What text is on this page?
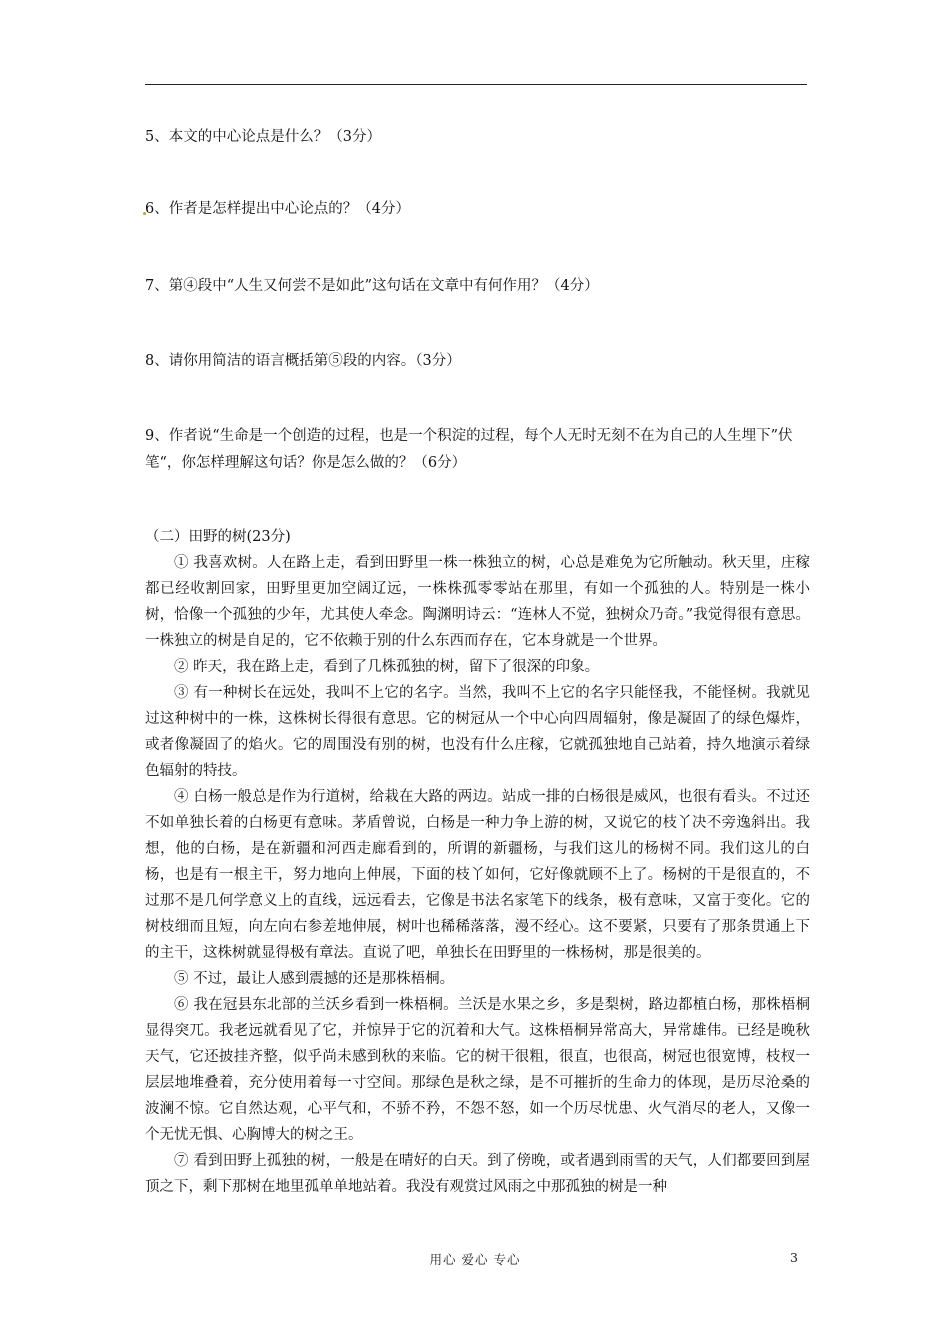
5、本文的中心论点是什么？（3分）

6、作者是怎样提出中心论点的？（4分）

7、第④段中“人生又何尝不是如此”这句话在文章中有何作用？（4分）

8、请你用简洁的语言概括第⑤段的内容。（3分）

9、作者说“生命是一个创造的过程，也是一个积淀的过程，每个人无时无刻不在为自己的人生埋下”伏笔“，你怎样理解这句话？你是怎么做的？（6分）

（二）田野的树(23分)

① 我喜欢树。人在路上走，看到田野里一株一株独立的树，心总是难免为它所触动。秋天里，庄稼都已经收割回家，田野里更加空阔辽远，一株株孤零零站在那里，有如一个孤独的人。特别是一株小树，恰像一个孤独的少年，尤其使人牵念。陶渊明诗云：“连林人不觉，独树众乃奇。”我觉得很有意思。一株独立的树是自足的，它不依赖于别的什么东西而存在，它本身就是一个世界。

② 昨天，我在路上走，看到了几株孤独的树，留下了很深的印象。

③ 有一种树长在远处，我叫不上它的名字。当然，我叫不上它的名字只能怪我，不能怪树。我就见过这种树中的一株，这株树长得很有意思。它的树冠从一个中心向四周辐射，像是凝固了的绿色爆炸，或者像凝固了的焰火。它的周围没有别的树，也没有什么庄稼，它就孤独地自己站着，持久地演示着绿色辐射的特技。

④ 白杨一般总是作为行道树，给栽在大路的两边。站成一排的白杨很是威风，也很有看头。不过还不如单独长着的白杨更有意味。茅盾曾说，白杨是一种力争上游的树，又说它的枝丫决不旁逸斜出。我想，他的白杨，是在新疆和河西走廊看到的，所谓的新疆杨，与我们这儿的杨树不同。我们这儿的白杨，也是有一根主干，努力地向上伸展，下面的枝丫如何，它好像就顾不上了。杨树的干是很直的，不过那不是几何学意义上的直线，远远看去，它像是书法名家笔下的线条，极有意味，又富于变化。它的树枝细而且短，向左向右参差地伸展，树叶也稀稀落落，漫不经心。这不要紧，只要有了那条贯通上下的主干，这株树就显得极有章法。直说了吧，单独长在田野里的一株杨树，那是很美的。

⑤ 不过，最让人感到震撼的还是那株梧桐。

⑥ 我在冠县东北部的兰沃乡看到一株梧桐。兰沃是水果之乡，多是梨树，路边都植白杨，那株梧桐显得突兀。我老远就看见了它，并惊异于它的沉着和大气。这株梧桐异常高大，异常雄伟。已经是晚秋天气，它还披挂齐整，似乎尚未感到秋的来临。它的树干很粗，很直，也很高，树冠也很宽博，枝杈一层层地堆叠着，充分使用着每一寸空间。那绿色是秋之绿，是不可摧折的生命力的体现，是历尽沧桑的波澜不惊。它自然达观，心平气和，不骄不矜，不怨不怒，如一个历尽忧患、火气消尽的老人，又像一个无忧无惧、心胸博大的树之王。

⑦ 看到田野上孤独的树，一般是在晴好的白天。到了傍晚，或者遇到雨雪的天气，人们都要回到屋顶之下，剩下那树在地里孤单单地站着。我没有观赏过风雨之中那孤独的树是一种

用心 爱心 专心	3
